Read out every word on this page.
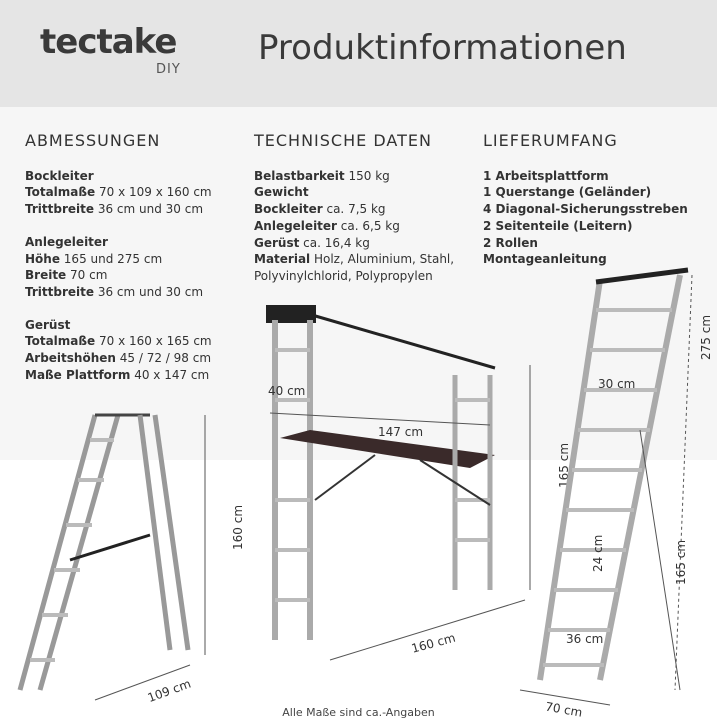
tectake
DIY
Produktinformationen
ABMESSUNGEN
Bockleiter
Totalmaße 70 x 109 x 160 cm
Trittbreite 36 cm und 30 cm
Anlegeleiter
Höhe 165 und 275 cm
Breite 70 cm
Trittbreite 36 cm und 30 cm
Gerüst
Totalmaße 70 x 160 x 165 cm
Arbeitshöhen 45 / 72 / 98 cm
Maße Plattform 40 x 147 cm
TECHNISCHE DATEN
Belastbarkeit 150 kg
Gewicht
Bockleiter ca. 7,5 kg
Anlegeleiter ca. 6,5 kg
Gerüst ca. 16,4 kg
Material Holz, Aluminium, Stahl,
Polyvinylchlorid, Polypropylen
LIEFERUMFANG
1 Arbeitsplattform
1 Querstange (Geländer)
4 Diagonal-Sicherungsstreben
2 Seitenteile (Leitern)
2 Rollen
Montageanleitung
160 cm
109 cm
40 cm
147 cm
165 cm
160 cm
275 cm
30 cm
165 cm
24 cm
36 cm
70 cm
Alle Maße sind ca.-Angaben
